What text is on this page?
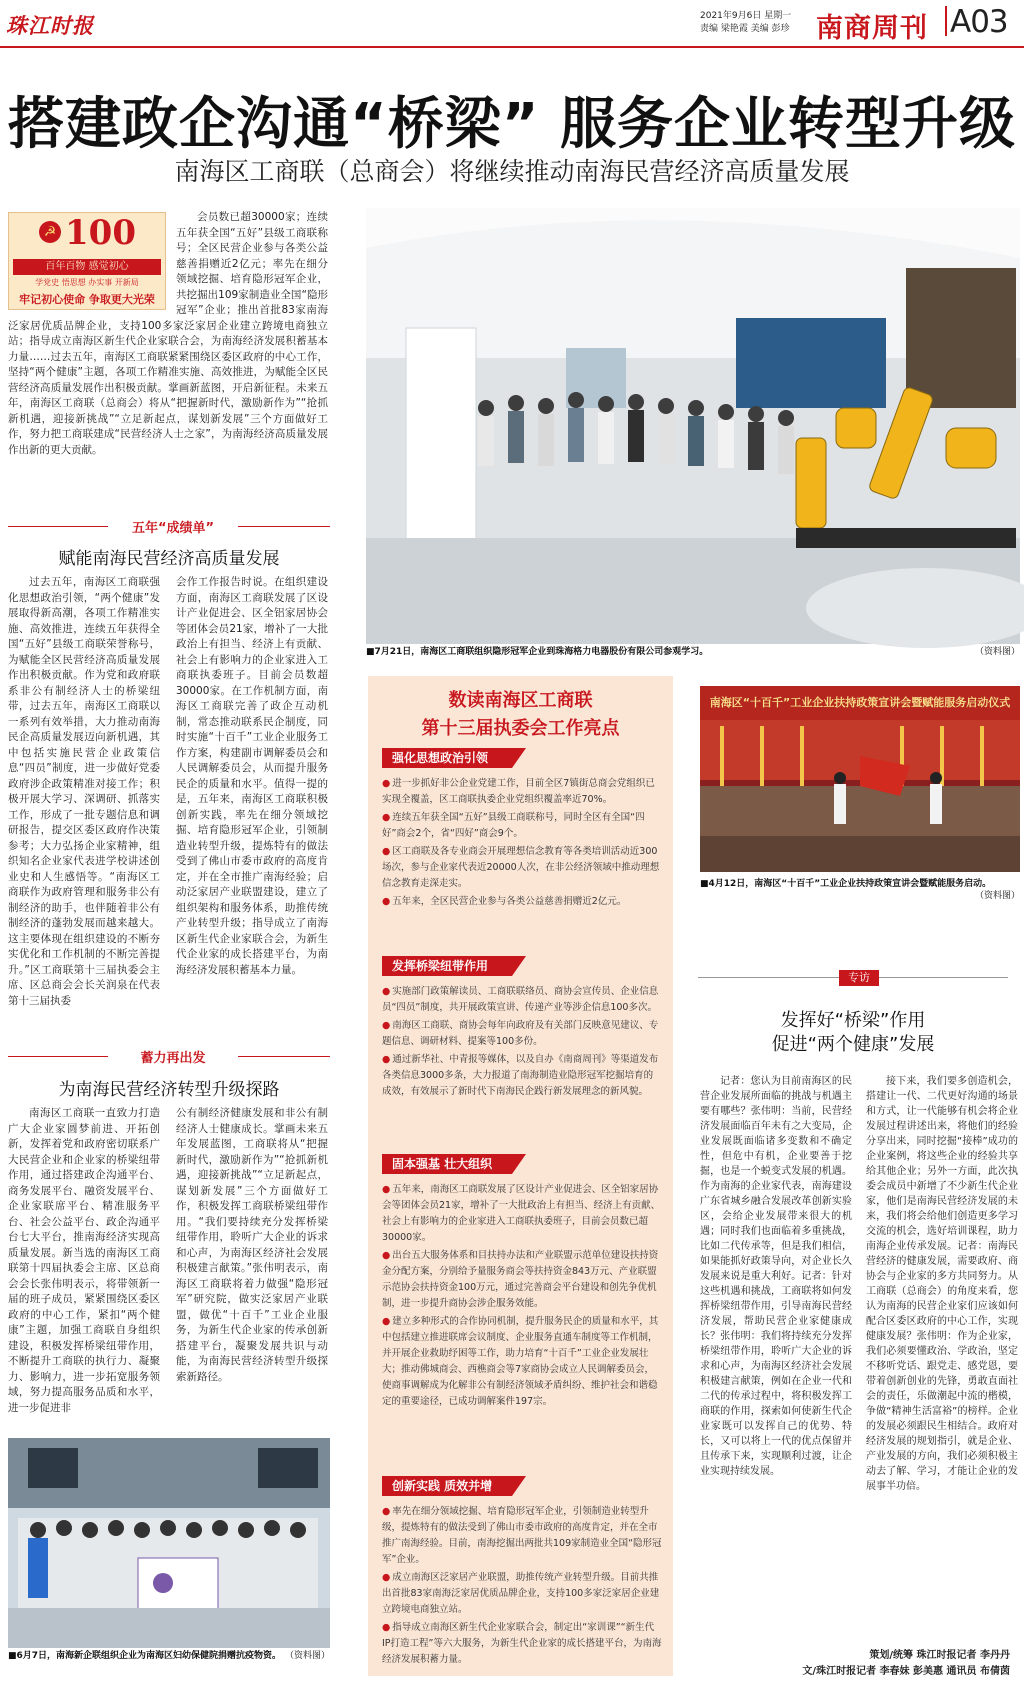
珠江时报	2021年9月6日 星期一
责编 梁艳霞 美编 彭珍 南商周刊 A03
搭建政企沟通“桥梁” 服务企业转型升级
南海区工商联（总商会）将继续推动南海民营经济高质量发展
☭ 100
百年百物 感觉初心
学党史 悟思想 办实事 开新局
牢记初心使命 争取更大光荣
会员数已超30000家；连续五年获全国“五好”县级工商联称号；全区民营企业参与各类公益慈善捐赠近2亿元；率先在细分领域挖掘、培育隐形冠军企业，共挖掘出109家制造业全国“隐形冠军”企业；推出首批83家南海泛家居优质品牌企业，支持100多家泛家居企业建立跨境电商独立站；指导成立南海区新生代企业家联合会，为南海经济发展积蓄基本力量……过去五年，南海区工商联紧紧围绕区委区政府的中心工作，坚持“两个健康”主题，各项工作精准实施、高效推进，为赋能全区民营经济高质量发展作出积极贡献。掌画新蓝图，开启新征程。未来五年，南海区工商联（总商会）将从“把握新时代，激励新作为”“抢抓新机遇，迎接新挑战”“立足新起点，谋划新发展”三个方面做好工作，努力把工商联建成“民营经济人士之家”，为南海经济高质量发展作出新的更大贡献。
■7月21日，南海区工商联组织隐形冠军企业到珠海格力电器股份有限公司参观学习。	（资料图）
五年“成绩单”
赋能南海民营经济高质量发展
过去五年，南海区工商联强化思想政治引领，“两个健康”发展取得新高潮，各项工作精准实施、高效推进，连续五年获得全国“五好”县级工商联荣誉称号，为赋能全区民营经济高质量发展作出积极贡献。作为党和政府联系非公有制经济人士的桥梁纽带，过去五年，南海区工商联以一系列有效举措，大力推动南海民企高质量发展迈向新机遇，其中包括实施民营企业政策信息“四员”制度，进一步做好党委政府涉企政策精准对接工作；积极开展大学习、深调研、抓落实工作，形成了一批专题信息和调研报告，提交区委区政府作决策参考；大力弘扬企业家精神，组织知名企业家代表进学校讲述创业史和人生感悟等。“南海区工商联作为政府管理和服务非公有制经济的助手，也伴随着非公有制经济的蓬勃发展而越来越大。这主要体现在组织建设的不断夯实优化和工作机制的不断完善提升。”区工商联第十三届执委会主席、区总商会会长关润泉在代表第十三届执委
会作工作报告时说。在组织建设方面，南海区工商联发展了区设计产业促进会、区全铝家居协会等团体会员21家，增补了一大批政治上有担当、经济上有贡献、社会上有影响力的企业家进入工商联执委班子。目前会员数超30000家。在工作机制方面，南海区工商联完善了政企互动机制，常态推动联系民企制度，同时实施“十百千”工业企业服务工作方案，构建副市调解委员会和人民调解委员会，从而提升服务民企的质量和水平。值得一提的是，五年来，南海区工商联积极创新实践，率先在细分领域挖掘、培育隐形冠军企业，引领制造业转型升级，提炼特有的做法受到了佛山市委市政府的高度肯定，并在全市推广南海经验；启动泛家居产业联盟建设，建立了组织架构和服务体系，助推传统产业转型升级；指导成立了南海区新生代企业家联合会，为新生代企业家的成长搭建平台，为南海经济发展积蓄基本力量。
蓄力再出发
为南海民营经济转型升级探路
南海区工商联一直致力打造广大企业家圆梦前进、开拓创新，发挥着党和政府密切联系广大民营企业和企业家的桥梁纽带作用，通过搭建政企沟通平台、商务发展平台、融资发展平台、企业家联席平台、精准服务平台、社会公益平台、政企沟通平台七大平台，推南海经济实现高质量发展。新当选的南海区工商联第十四届执委会主席、区总商会会长张伟明表示，将带领新一届的班子成员，紧紧围绕区委区政府的中心工作，紧扣“两个健康”主题，加强工商联自身组织建设，积极发挥桥梁纽带作用，不断提升工商联的执行力、凝聚力、影响力，进一步拓宽服务领域，努力提高服务品质和水平，进一步促进非
公有制经济健康发展和非公有制经济人士健康成长。掌画未来五年发展蓝图，工商联将从“把握新时代，激励新作为”“抢抓新机遇，迎接新挑战”“立足新起点，谋划新发展”三个方面做好工作，积极发挥工商联桥梁纽带作用。“我们要持续充分发挥桥梁纽带作用，聆听广大企业的诉求和心声，为南海区经济社会发展积极建言献策。”张伟明表示，南海区工商联将着力做强“隐形冠军”研究院，做实泛家居产业联盟，做优“十百千”工业企业服务，为新生代企业家的传承创新搭建平台，凝聚发展共识与动能，为南海民营经济转型升级探索新路径。
■6月7日，南海新企联组织企业为南海区妇幼保健院捐赠抗疫物资。 （资料图）
数读南海区工商联
第十三届执委会工作亮点
强化思想政治引领

● 进一步抓好非公企业党建工作，目前全区7镇街总商会党组织已实现全覆盖，区工商联执委企业党组织覆盖率近70%。

● 连续五年获全国“五好”县级工商联称号，同时全区有全国“四好”商会2个，省“四好”商会9个。

● 区工商联及各专业商会开展理想信念教育等各类培训活动近300场次，参与企业家代表近20000人次，在非公经济领域中推动理想信念教育走深走实。

● 五年来，全区民营企业参与各类公益慈善捐赠近2亿元。

发挥桥梁纽带作用

● 实施部门政策解读员、工商联联络员、商协会宣传员、企业信息员“四员”制度，共开展政策宣讲、传递产业等涉企信息100多次。

● 南海区工商联、商协会每年向政府及有关部门反映意见建议、专题信息、调研材料、提案等100多份。

● 通过新华社、中青报等媒体，以及自办《南商周刊》等渠道发布各类信息3000多条，大力报道了南海制造业隐形冠军挖掘培育的成效，有效展示了新时代下南海民企践行新发展理念的新风貌。

固本强基 壮大组织

● 五年来，南海区工商联发展了区设计产业促进会、区全铝家居协会等团体会员21家，增补了一大批政治上有担当、经济上有贡献、社会上有影响力的企业家进入工商联执委班子，目前会员数已超30000家。

● 出台五大服务体系和目扶持办法和产业联盟示范单位建设扶持资金分配方案，分别给予量服务商会等扶持资金843万元、产业联盟示范协会扶持资金100万元，通过完善商会平台建设和创先争优机制，进一步提升商协会涉企服务效能。

● 建立多种形式的合作协同机制，提升服务民企的质量和水平，其中包括建立推进联席会议制度、企业服务直通车制度等工作机制，并开展企业救助纾困等工作，助力培育“十百千”工业企业发展壮大；推动佛城商会、西樵商会等7家商协会成立人民调解委员会，使商事调解成为化解非公有制经济领域矛盾纠纷、维护社会和谐稳定的重要途径，已成功调解案件197宗。

创新实践 质效并增

● 率先在细分领域挖掘、培育隐形冠军企业，引领制造业转型升级，提炼特有的做法受到了佛山市委市政府的高度肯定，并在全市推广南海经验。目前，南海挖掘出两批共109家制造业全国“隐形冠军”企业。

● 成立南海区泛家居产业联盟，助推传统产业转型升级。目前共推出首批83家南海泛家居优质品牌企业，支持100多家泛家居企业建立跨境电商独立站。

● 指导成立南海区新生代企业家联合会，制定出“家训课”“新生代IP打造工程”等六大服务，为新生代企业家的成长搭建平台，为南海经济发展积蓄力量。

南海区“十百千”工业企业扶持政策宣讲会暨赋能服务启动仪式
■4月12日，南海区“十百千”工业企业扶持政策宣讲会暨赋能服务启动。
（资料图）
专访
发挥好“桥梁”作用
促进“两个健康”发展
记者：您认为目前南海区的民营企业发展所面临的挑战与机遇主要有哪些？张伟明：当前，民营经济发展面临百年未有之大变局，企业发展既面临诸多变数和不确定性，但危中有机，企业要善于挖掘，也是一个蜕变式发展的机遇。作为南海的企业家代表，南海建设广东省城乡融合发展改革创新实验区，会给企业发展带来很大的机遇；同时我们也面临着多重挑战，比如二代传承等，但是我们相信，如果能抓好政策导向，对企业长久发展来说是重大利好。记者：针对这些机遇和挑战，工商联将如何发挥桥梁纽带作用，引导南海民营经济发展，帮助民营企业家健康成长？张伟明：我们将持续充分发挥桥梁纽带作用，聆听广大企业的诉求和心声，为南海区经济社会发展积极建言献策，例如在企业一代和二代的传承过程中，将积极发挥工商联的作用，探索如何使新生代企业家既可以发挥自己的优势、特长，又可以将上一代的优点保留并且传承下来，实现顺利过渡，让企业实现持续发展。
接下来，我们要多创造机会，搭建让一代、二代更好沟通的场景和方式，让一代能够有机会将企业发展过程讲述出来，将他们的经验分享出来，同时挖掘“接棒”成功的企业案例，将这些企业的经验共享给其他企业；另外一方面，此次执委会成员中新增了不少新生代企业家，他们是南海民营经济发展的未来，我们将会给他们创造更多学习交流的机会，选好培训课程，助力南海企业传承发展。记者：南海民营经济的健康发展，需要政府、商协会与企业家的多方共同努力。从工商联（总商会）的角度来看，您认为南海的民营企业家们应该如何配合区委区政府的中心工作，实现健康发展？张伟明：作为企业家，我们必须要懂政治、学政治，坚定不移听党话、跟党走、感党恩，要带着创新创业的先锋，勇敢直面社会的责任，乐做潮起中流的楷模，争做“精神生活富裕”的榜样。企业的发展必须跟民生相结合。政府对经济发展的规划指引，就是企业、产业发展的方向，我们必须积极主动去了解、学习，才能让企业的发展事半功倍。
策划/统筹 珠江时报记者 李丹丹
文/珠江时报记者 李春妹 彭美惠 通讯员 布倩茵
